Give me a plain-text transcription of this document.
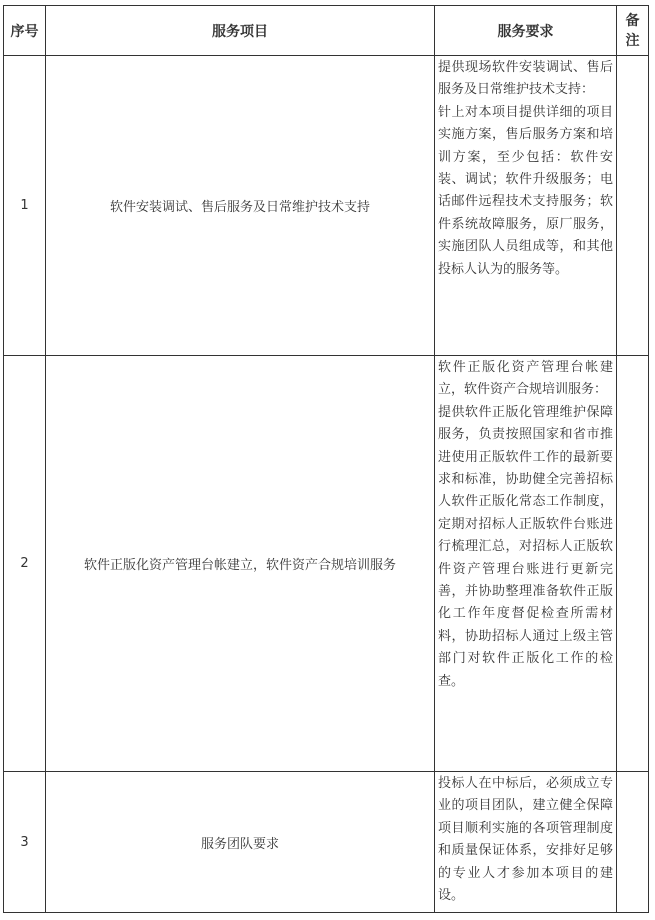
序号	服务项目	服务要求	备
注
1	软件安装调试、售后服务及日常维护技术支持	提供现场软件安装调试、售后服务及日常维护技术支持：

针上对本项目提供详细的项目实施方案，售后服务方案和培训方案，至少包括：软件安装、调试；软件升级服务；电话邮件远程技术支持服务；软件系统故障服务，原厂服务，实施团队人员组成等，和其他投标人认为的服务等。	

2	软件正版化资产管理台帐建立，软件资产合规培训服务	软件正版化资产管理台帐建立，软件资产合规培训服务：

提供软件正版化管理维护保障服务，负责按照国家和省市推进使用正版软件工作的最新要求和标准，协助健全完善招标人软件正版化常态工作制度，定期对招标人正版软件台账进行梳理汇总，对招标人正版软件资产管理台账进行更新完善，并协助整理准备软件正版化工作年度督促检查所需材料，协助招标人通过上级主管部门对软件正版化工作的检查。	

3	服务团队要求	投标人在中标后，必须成立专业的项目团队，建立健全保障项目顺利实施的各项管理制度和质量保证体系，安排好足够的专业人才参加本项目的建设。	
